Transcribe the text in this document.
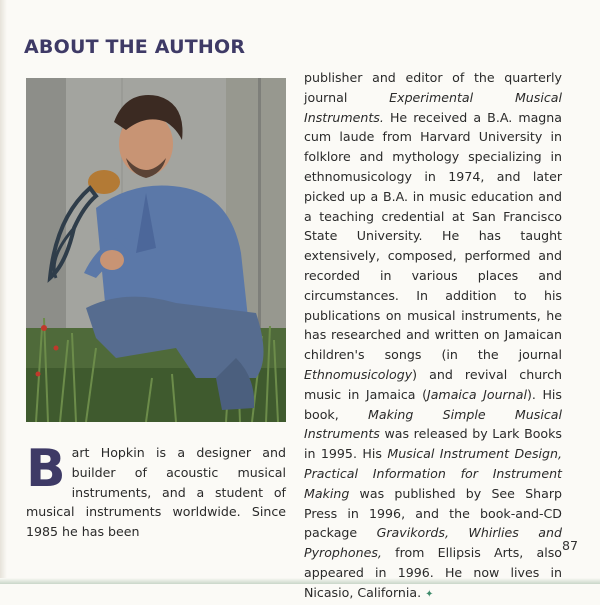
ABOUT THE AUTHOR

Bart Hopkin is a designer and builder of acoustic musical instruments, and a student of musical instruments worldwide. Since 1985 he has been

publisher and editor of the quarterly journal Experimental Musical Instruments. He received a B.A. magna cum laude from Harvard University in folklore and mythology specializing in ethnomusicology in 1974, and later picked up a B.A. in music education and a teaching credential at San Francisco State University. He has taught extensively, composed, performed and recorded in various places and circumstances. In addition to his publications on musical instruments, he has researched and written on Jamaican children's songs (in the journal Ethnomusicology) and revival church music in Jamaica (Jamaica Journal). His book, Making Simple Musical Instruments was released by Lark Books in 1995. His Musical Instrument Design, Practical Information for Instrument Making was published by See Sharp Press in 1996, and the book-and-CD package Gravikords, Whirlies and Pyrophones, from Ellipsis Arts, also appeared in 1996. He now lives in Nicasio, California. ✦

87
